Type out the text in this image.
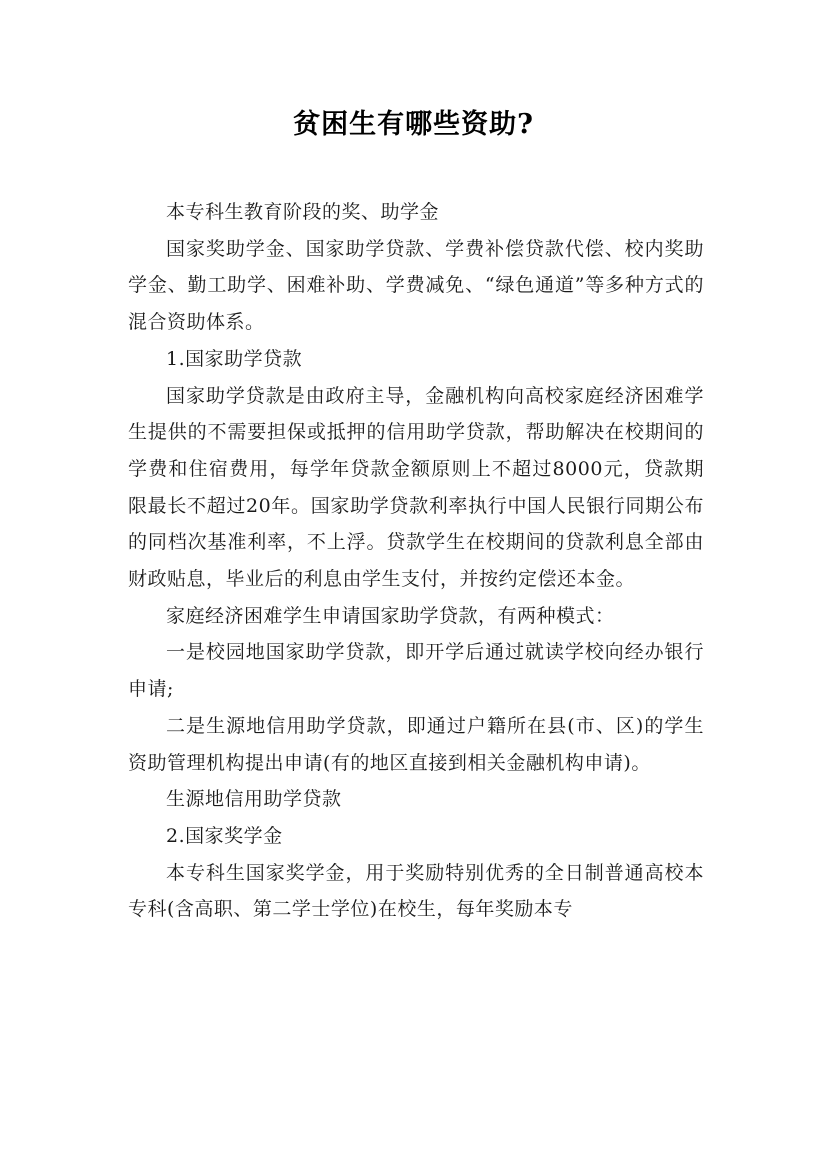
贫困生有哪些资助?

本专科生教育阶段的奖、助学金

国家奖助学金、国家助学贷款、学费补偿贷款代偿、校内奖助学金、勤工助学、困难补助、学费减免、“绿色通道”等多种方式的混合资助体系。

1.国家助学贷款

国家助学贷款是由政府主导，金融机构向高校家庭经济困难学生提供的不需要担保或抵押的信用助学贷款，帮助解决在校期间的学费和住宿费用，每学年贷款金额原则上不超过8000元，贷款期限最长不超过20年。国家助学贷款利率执行中国人民银行同期公布的同档次基准利率，不上浮。贷款学生在校期间的贷款利息全部由财政贴息，毕业后的利息由学生支付，并按约定偿还本金。

家庭经济困难学生申请国家助学贷款，有两种模式：

一是校园地国家助学贷款，即开学后通过就读学校向经办银行申请;

二是生源地信用助学贷款，即通过户籍所在县(市、区)的学生资助管理机构提出申请(有的地区直接到相关金融机构申请)。

生源地信用助学贷款

2.国家奖学金

本专科生国家奖学金，用于奖励特别优秀的全日制普通高校本专科(含高职、第二学士学位)在校生，每年奖励本专
